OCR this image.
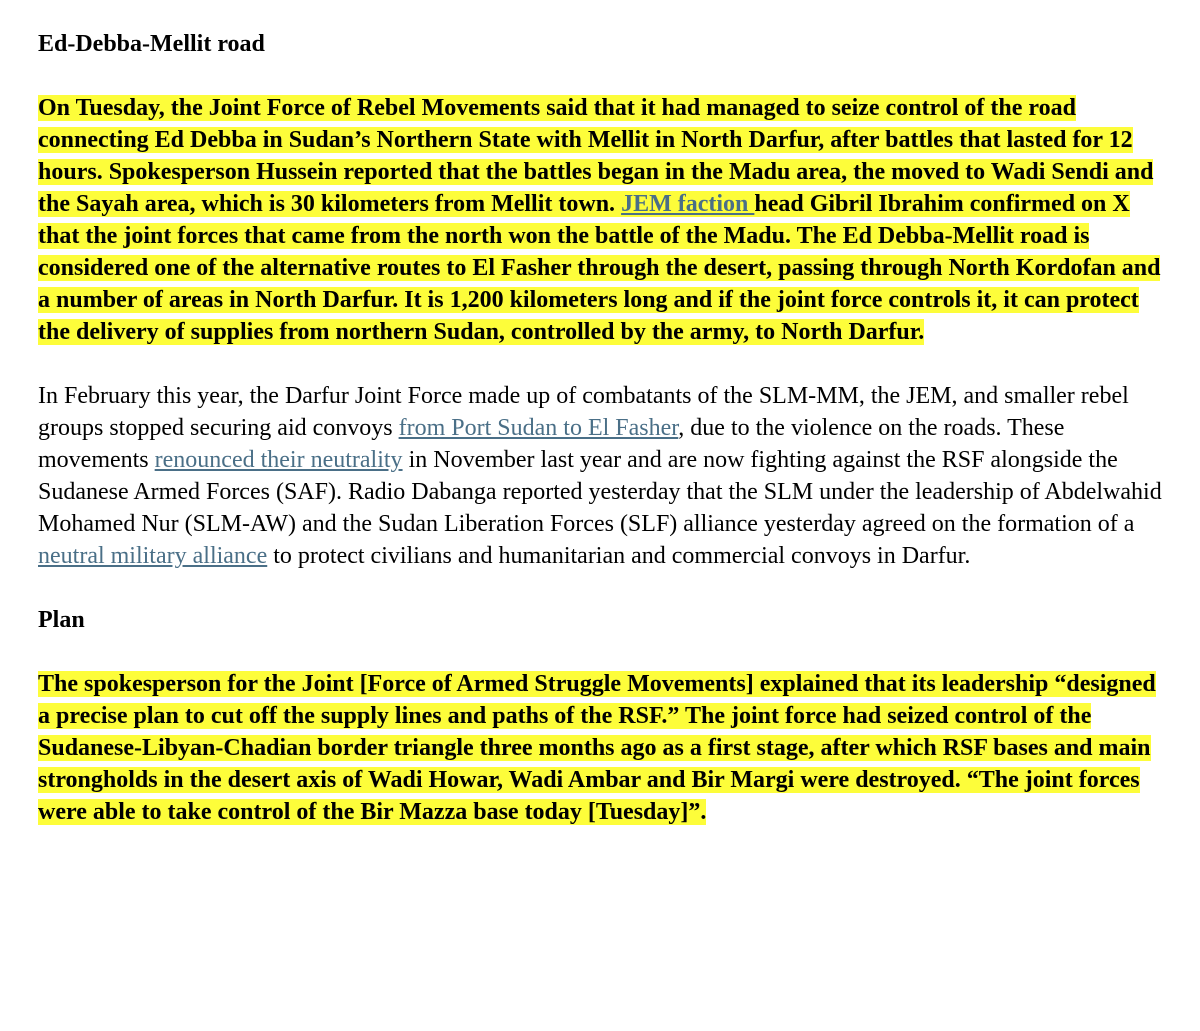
Ed-Debba-Mellit road

On Tuesday, the Joint Force of Rebel Movements said that it had managed to seize control of the road connecting Ed Debba in Sudan’s Northern State with Mellit in North Darfur, after battles that lasted for 12 hours. Spokesperson Hussein reported that the battles began in the Madu area, the moved to Wadi Sendi and the Sayah area, which is 30 kilometers from Mellit town. JEM faction head Gibril Ibrahim confirmed on X that the joint forces that came from the north won the battle of the Madu. The Ed Debba-Mellit road is considered one of the alternative routes to El Fasher through the desert, passing through North Kordofan and a number of areas in North Darfur. It is 1,200 kilometers long and if the joint force controls it, it can protect the delivery of supplies from northern Sudan, controlled by the army, to North Darfur.

In February this year, the Darfur Joint Force made up of combatants of the SLM-MM, the JEM, and smaller rebel groups stopped securing aid convoys from Port Sudan to El Fasher, due to the violence on the roads. These movements renounced their neutrality in November last year and are now fighting against the RSF alongside the Sudanese Armed Forces (SAF). Radio Dabanga reported yesterday that the SLM under the leadership of Abdelwahid Mohamed Nur (SLM-AW) and the Sudan Liberation Forces (SLF) alliance yesterday agreed on the formation of a neutral military alliance to protect civilians and humanitarian and commercial convoys in Darfur.

Plan

The spokesperson for the Joint [Force of Armed Struggle Movements] explained that its leadership “designed a precise plan to cut off the supply lines and paths of the RSF.” The joint force had seized control of the Sudanese-Libyan-Chadian border triangle three months ago as a first stage, after which RSF bases and main strongholds in the desert axis of Wadi Howar, Wadi Ambar and Bir Margi were destroyed. “The joint forces were able to take control of the Bir Mazza base today [Tuesday]”.
